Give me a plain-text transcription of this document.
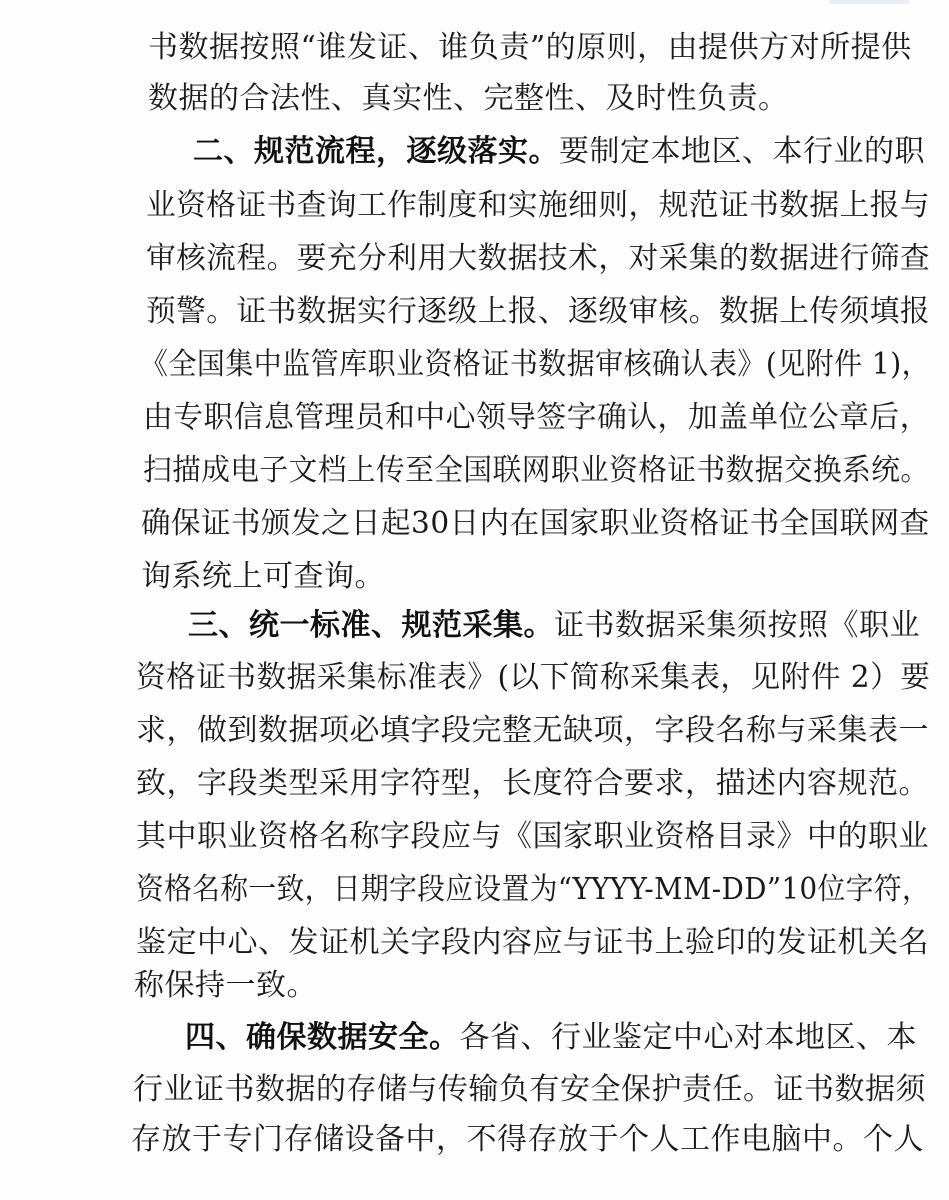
书数据按照“谁发证、谁负责”的原则，由提供方对所提供
数据的合法性、真实性、完整性、及时性负责。
二、规范流程，逐级落实。要制定本地区、本行业的职
业资格证书查询工作制度和实施细则，规范证书数据上报与
审核流程。要充分利用大数据技术，对采集的数据进行筛查
预警。证书数据实行逐级上报、逐级审核。数据上传须填报
《全国集中监管库职业资格证书数据审核确认表》(见附件 1)，
由专职信息管理员和中心领导签字确认，加盖单位公章后，
扫描成电子文档上传至全国联网职业资格证书数据交换系统。
确保证书颁发之日起30日内在国家职业资格证书全国联网查
询系统上可查询。
三、统一标准、规范采集。证书数据采集须按照《职业
资格证书数据采集标准表》(以下简称采集表，见附件 2）要
求，做到数据项必填字段完整无缺项，字段名称与采集表一
致，字段类型采用字符型，长度符合要求，描述内容规范。
其中职业资格名称字段应与《国家职业资格目录》中的职业
资格名称一致，日期字段应设置为“YYYY-MM-DD”10位字符，
鉴定中心、发证机关字段内容应与证书上验印的发证机关名
称保持一致。
四、确保数据安全。各省、行业鉴定中心对本地区、本
行业证书数据的存储与传输负有安全保护责任。证书数据须
存放于专门存储设备中，不得存放于个人工作电脑中。个人
